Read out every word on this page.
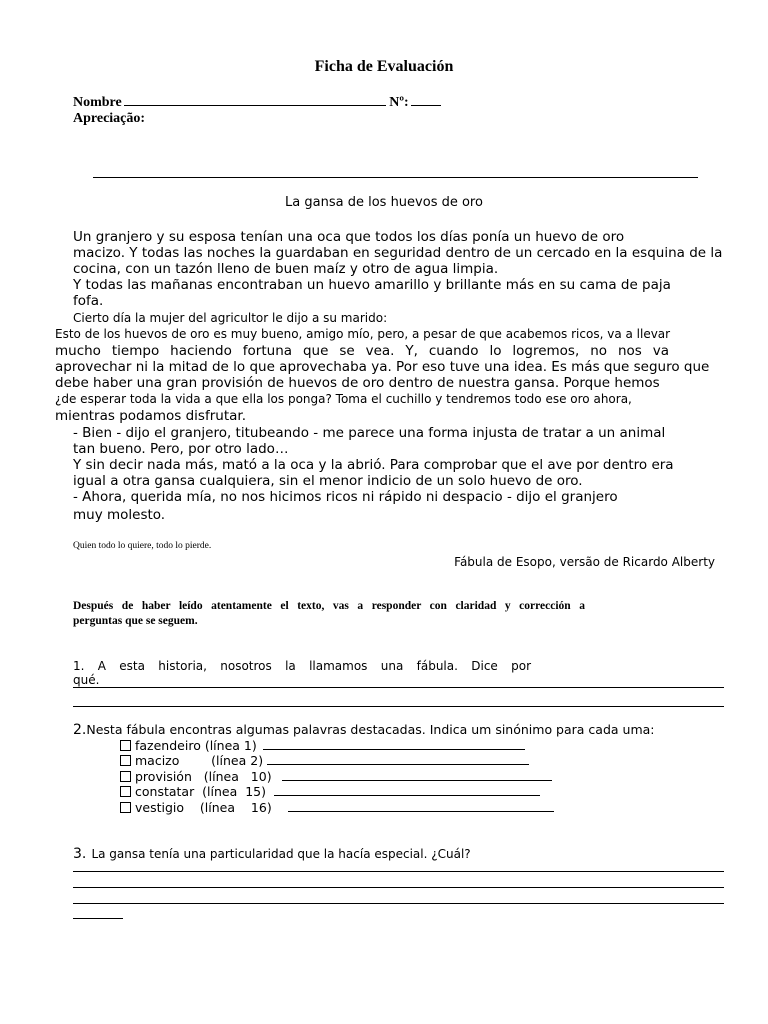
Ficha de Evaluación
Nombre	Nº:
Apreciação:
La gansa de los huevos de oro
Un granjero y su esposa tenían una oca que todos los días ponía un huevo de oro
macizo. Y todas las noches la guardaban en seguridad dentro de un cercado en la esquina de la
cocina, con un tazón lleno de buen maíz y otro de agua limpia.
Y todas las mañanas encontraban un huevo amarillo y brillante más en su cama de paja
fofa.
Cierto día la mujer del agricultor le dijo a su marido:
Esto de los huevos de oro es muy bueno, amigo mío, pero, a pesar de que acabemos ricos, va a llevar
mucho tiempo haciendo fortuna que se vea. Y, cuando lo logremos, no nos va
aprovechar ni la mitad de lo que aprovechaba ya. Por eso tuve una idea. Es más que seguro que
debe haber una gran provisión de huevos de oro dentro de nuestra gansa. Porque hemos
¿de esperar toda la vida a que ella los ponga? Toma el cuchillo y tendremos todo ese oro ahora,
mientras podamos disfrutar.
- Bien - dijo el granjero, titubeando - me parece una forma injusta de tratar a un animal
tan bueno. Pero, por otro lado…
Y sin decir nada más, mató a la oca y la abrió. Para comprobar que el ave por dentro era
igual a otra gansa cualquiera, sin el menor indicio de un solo huevo de oro.
- Ahora, querida mía, no nos hicimos ricos ni rápido ni despacio - dijo el granjero
muy molesto.
Quien todo lo quiere, todo lo pierde.
Fábula de Esopo, versão de Ricardo Alberty
Después de haber leído atentamente el texto, vas a responder con claridad y corrección a
perguntas que se seguem.
1. A esta historia, nosotros la llamamos una fábula. Dice por qué.
2.Nesta fábula encontras algumas palavras destacadas. Indica um sinónimo para cada uma:
fazendeiro (línea 1)
macizo        (línea 2)
provisión   (línea   10)
constatar  (línea  15)
vestigio    (línea    16)
3. La gansa tenía una particularidad que la hacía especial. ¿Cuál?
